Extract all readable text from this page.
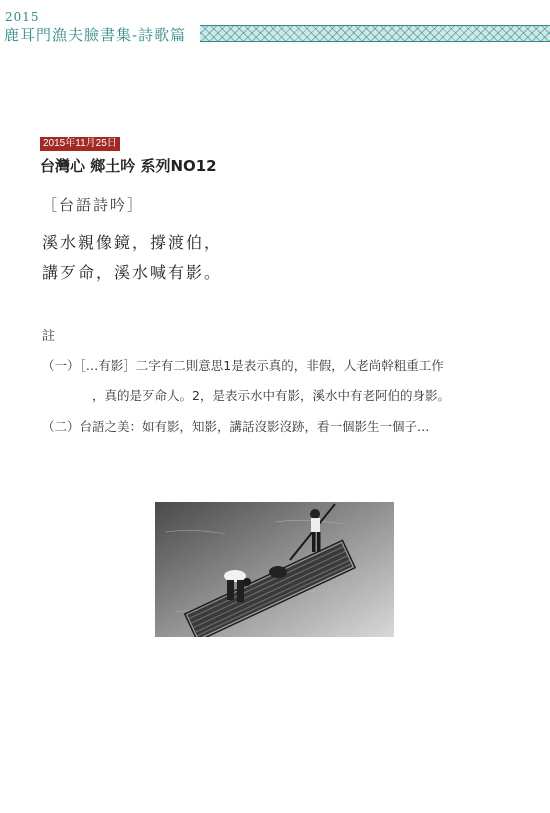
2015
鹿耳門漁夫臉書集-詩歌篇
2015年11月25日
台灣心 鄉土吟 系列NO12
［台語詩吟］
溪水親像鏡，撐渡伯，
講歹命，溪水喊有影。
註
（一）［…有影］二字有二則意思1是表示真的，非假，人老尚幹粗重工作
，真的是歹命人。2，是表示水中有影，溪水中有老阿伯的身影。
（二）台語之美：如有影，知影，講話沒影沒跡，看一個影生一個子…
